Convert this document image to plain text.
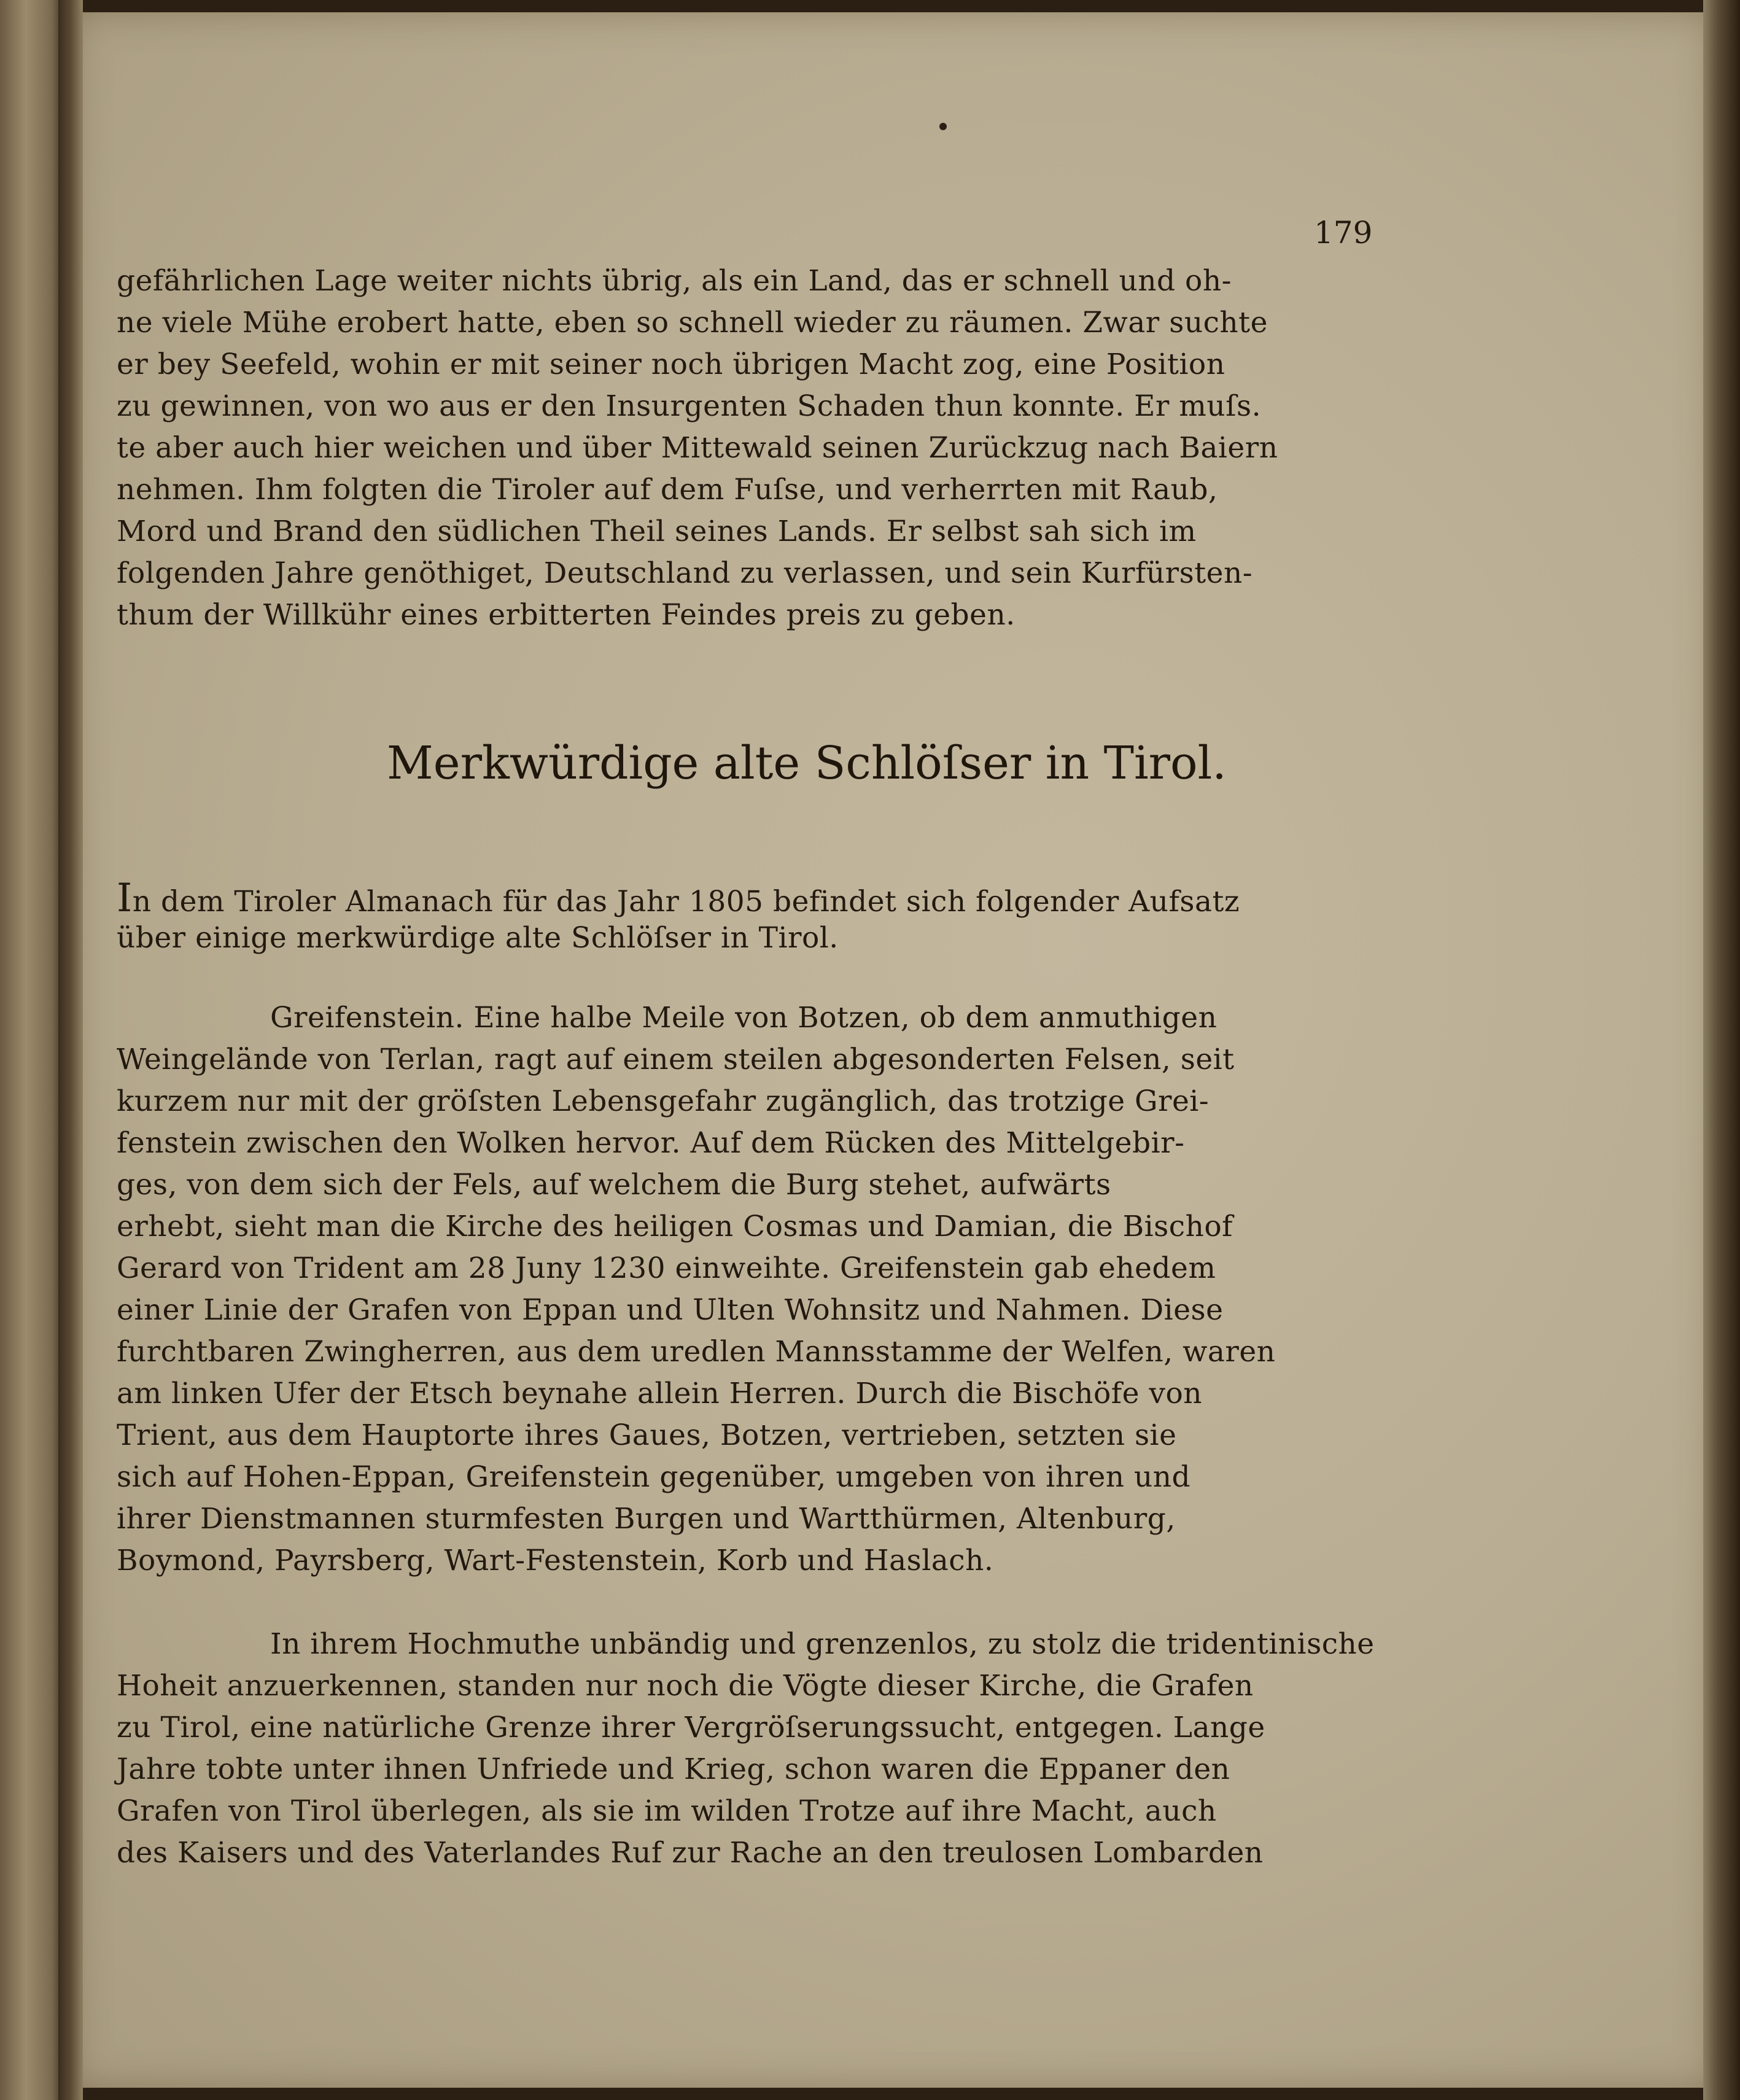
179
gefährlichen Lage weiter nichts übrig, als ein Land, das er schnell und oh-
ne viele Mühe erobert hatte, eben so schnell wieder zu räumen. Zwar suchte
er bey Seefeld, wohin er mit seiner noch übrigen Macht zog, eine Position
zu gewinnen, von wo aus er den Insurgenten Schaden thun konnte. Er muſs.
te aber auch hier weichen und über Mittewald seinen Zurückzug nach Baiern
nehmen. Ihm folgten die Tiroler auf dem Fuſse, und verherrten mit Raub,
Mord und Brand den südlichen Theil seines Lands. Er selbst sah sich im
folgenden Jahre genöthiget, Deutschland zu verlassen, und sein Kurfürsten-
thum der Willkühr eines erbitterten Feindes preis zu geben.
Merkwürdige alte Schlöſser in Tirol.
In dem Tiroler Almanach für das Jahr 1805 befindet sich folgender Aufsatz
über einige merkwürdige alte Schlöſser in Tirol.
Greifenstein. Eine halbe Meile von Botzen, ob dem anmuthigen
Weingelände von Terlan, ragt auf einem steilen abgesonderten Felsen, seit
kurzem nur mit der gröſsten Lebensgefahr zugänglich, das trotzige Grei-
fenstein zwischen den Wolken hervor. Auf dem Rücken des Mittelgebir-
ges, von dem sich der Fels, auf welchem die Burg stehet, aufwärts
erhebt, sieht man die Kirche des heiligen Cosmas und Damian, die Bischof
Gerard von Trident am 28 Juny 1230 einweihte. Greifenstein gab ehedem
einer Linie der Grafen von Eppan und Ulten Wohnsitz und Nahmen. Diese
furchtbaren Zwingherren, aus dem uredlen Mannsstamme der Welfen, waren
am linken Ufer der Etsch beynahe allein Herren. Durch die Bischöfe von
Trient, aus dem Hauptorte ihres Gaues, Botzen, vertrieben, setzten sie
sich auf Hohen-Eppan, Greifenstein gegenüber, umgeben von ihren und
ihrer Dienstmannen sturmfesten Burgen und Wartthürmen, Altenburg,
Boymond, Payrsberg, Wart-Festenstein, Korb und Haslach.
In ihrem Hochmuthe unbändig und grenzenlos, zu stolz die tridentinische
Hoheit anzuerkennen, standen nur noch die Vögte dieser Kirche, die Grafen
zu Tirol, eine natürliche Grenze ihrer Vergröſserungssucht, entgegen. Lange
Jahre tobte unter ihnen Unfriede und Krieg, schon waren die Eppaner den
Grafen von Tirol überlegen, als sie im wilden Trotze auf ihre Macht, auch
des Kaisers und des Vaterlandes Ruf zur Rache an den treulosen Lombarden
